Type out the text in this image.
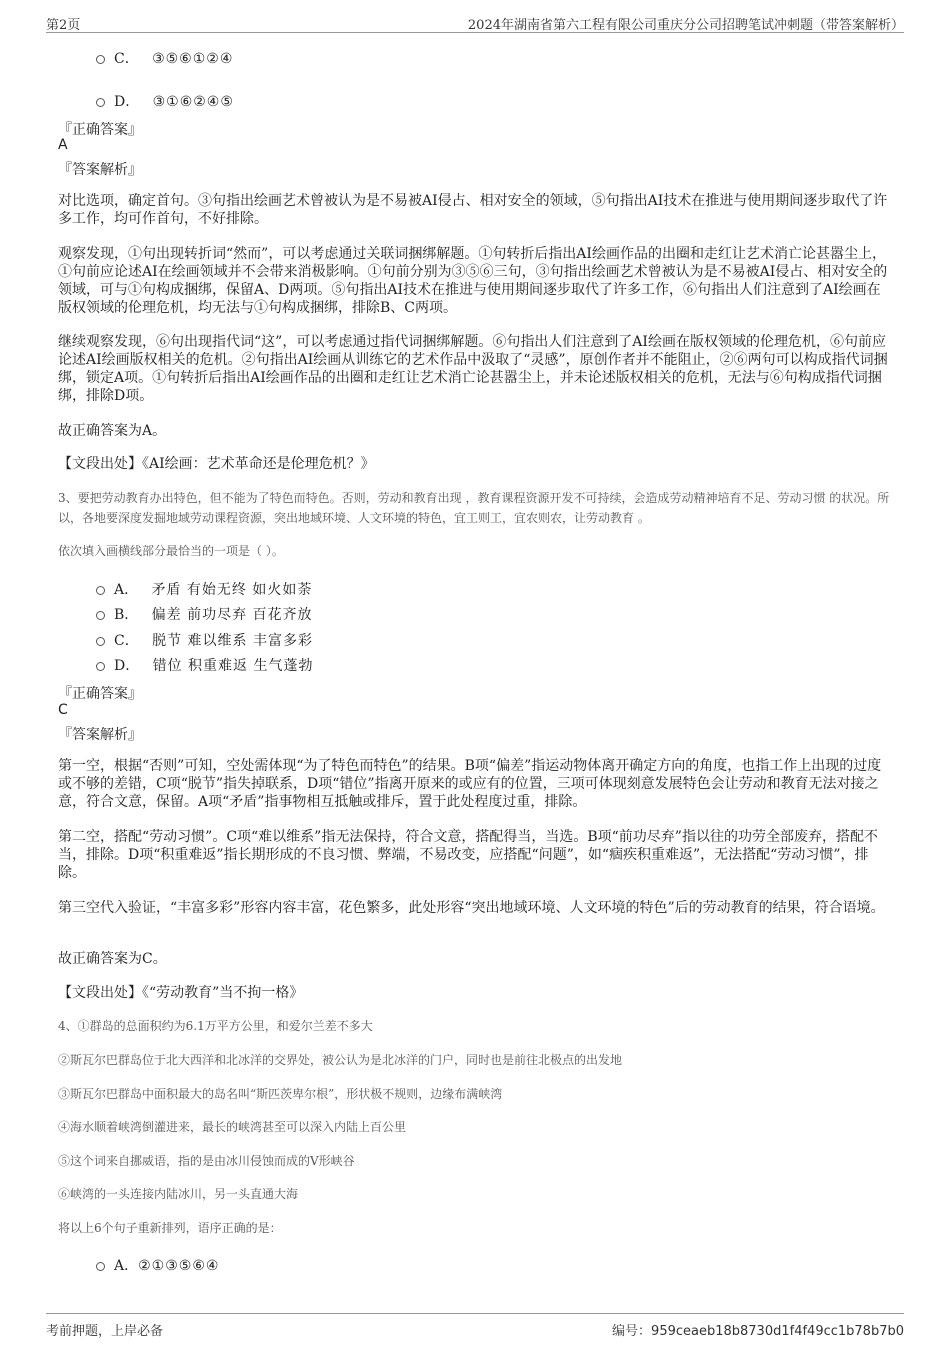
第2页	2024年湖南省第六工程有限公司重庆分公司招聘笔试冲刺题（带答案解析）
C． ③⑤⑥①②④
D． ③①⑥②④⑤
『正确答案』
A
『答案解析』

对比选项，确定首句。③句指出绘画艺术曾被认为是不易被AI侵占、相对安全的领域，⑤句指出AI技术在推进与使用期间逐步取代了许多工作，均可作首句，不好排除。

观察发现，①句出现转折词“然而”，可以考虑通过关联词捆绑解题。①句转折后指出AI绘画作品的出圈和走红让艺术消亡论甚嚣尘上，①句前应论述AI在绘画领域并不会带来消极影响。①句前分别为③⑤⑥三句，③句指出绘画艺术曾被认为是不易被AI侵占、相对安全的领域，可与①句构成捆绑，保留A、D两项。⑤句指出AI技术在推进与使用期间逐步取代了许多工作，⑥句指出人们注意到了AI绘画在版权领域的伦理危机，均无法与①句构成捆绑，排除B、C两项。

继续观察发现，⑥句出现指代词“这”，可以考虑通过指代词捆绑解题。⑥句指出人们注意到了AI绘画在版权领域的伦理危机，⑥句前应论述AI绘画版权相关的危机。②句指出AI绘画从训练它的艺术作品中汲取了“灵感”，原创作者并不能阻止，②⑥两句可以构成指代词捆绑，锁定A项。①句转折后指出AI绘画作品的出圈和走红让艺术消亡论甚嚣尘上，并未论述版权相关的危机，无法与⑥句构成指代词捆绑，排除D项。

故正确答案为A。

【文段出处】《AI绘画：艺术革命还是伦理危机？》

3、要把劳动教育办出特色，但不能为了特色而特色。否则，劳动和教育出现 ，教育课程资源开发不可持续，会造成劳动精神培育不足、劳动习惯 的状况。所以，各地要深度发掘地域劳动课程资源，突出地域环境、人文环境的特色，宜工则工，宜农则农，让劳动教育 。

依次填入画横线部分最恰当的一项是（ ）。

A． 矛盾 有始无终 如火如荼
B． 偏差 前功尽弃 百花齐放
C． 脱节 难以维系 丰富多彩
D． 错位 积重难返 生气蓬勃
『正确答案』
C
『答案解析』

第一空，根据“否则”可知，空处需体现“为了特色而特色”的结果。B项“偏差”指运动物体离开确定方向的角度，也指工作上出现的过度或不够的差错，C项“脱节”指失掉联系，D项“错位”指离开原来的或应有的位置，三项可体现刻意发展特色会让劳动和教育无法对接之意，符合文意，保留。A项“矛盾”指事物相互抵触或排斥，置于此处程度过重，排除。

第二空，搭配“劳动习惯”。C项“难以维系”指无法保持，符合文意，搭配得当，当选。B项“前功尽弃”指以往的功劳全部废弃，搭配不当，排除。D项“积重难返”指长期形成的不良习惯、弊端，不易改变，应搭配“问题”，如“痼疾积重难返”，无法搭配“劳动习惯”，排除。

第三空代入验证，“丰富多彩”形容内容丰富，花色繁多，此处形容“突出地域环境、人文环境的特色”后的劳动教育的结果，符合语境。

故正确答案为C。

【文段出处】《“劳动教育”当不拘一格》

4、①群岛的总面积约为6.1万平方公里，和爱尔兰差不多大

②斯瓦尔巴群岛位于北大西洋和北冰洋的交界处，被公认为是北冰洋的门户，同时也是前往北极点的出发地

③斯瓦尔巴群岛中面积最大的岛名叫“斯匹茨卑尔根”，形状极不规则，边缘布满峡湾

④海水顺着峡湾倒灌进来，最长的峡湾甚至可以深入内陆上百公里

⑤这个词来自挪威语，指的是由冰川侵蚀而成的V形峡谷

⑥峡湾的一头连接内陆冰川，另一头直通大海

将以上6个句子重新排列，语序正确的是：

A．②①③⑤⑥④
考前押题，上岸必备	编号：959ceaeb18b8730d1f4f49cc1b78b7b0
